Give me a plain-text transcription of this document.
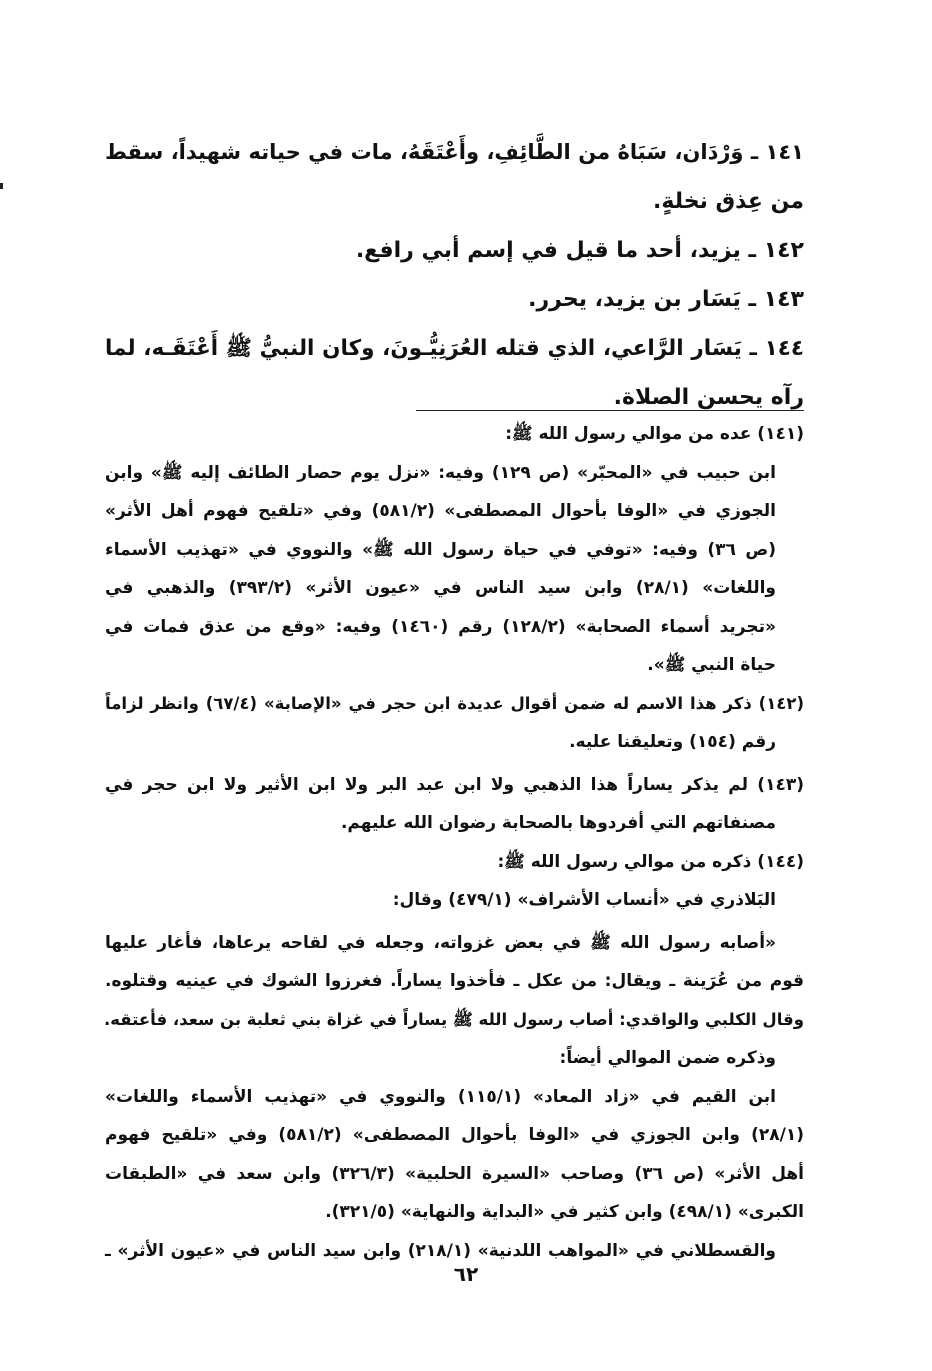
١٤١ ـ وَرْدَان، سَبَاهُ من الطَّائِفِ، وأَعْتَقَهُ، مات في حياته شهيداً، سقط
من عِذق نخلةٍ.
١٤٢ ـ يزيد، أحد ما قيل في إسم أبي رافع.
١٤٣ ـ يَسَار بن يزيد، يحرر.
١٤٤ ـ يَسَار الرَّاعي، الذي قتله العُرَنِيُّـونَ، وكان النبيُّ ﷺ أَعْتَقَـه، لما
رآه يحسن الصلاة.
(١٤١) عده من موالي رسول الله ﷺ:
ابن حبيب في «المحبّر» (ص ١٢٩) وفيه: «نزل يوم حصار الطائف إليه ﷺ» وابن
الجوزي في «الوفا بأحوال المصطفى» (٥٨١/٢) وفي «تلقيح فهوم أهل الأثر»
(ص ٣٦) وفيه: «توفي في حياة رسول الله ﷺ» والنووي في «تهذيب الأسماء
واللغات» (٢٨/١) وابن سيد الناس في «عيون الأثر» (٣٩٣/٢) والذهبي في
«تجريد أسماء الصحابة» (١٢٨/٢) رقم (١٤٦٠) وفيه: «وقع من عذق فمات في
حياة النبي ﷺ».
(١٤٢) ذكر هذا الاسم له ضمن أقوال عديدة ابن حجر في «الإصابة» (٦٧/٤) وانظر لزاماً
رقم (١٥٤) وتعليقنا عليه.
(١٤٣) لم يذكر يساراً هذا الذهبي ولا ابن عبد البر ولا ابن الأثير ولا ابن حجر في
مصنفاتهم التي أفردوها بالصحابة رضوان الله عليهم.
(١٤٤) ذكره من موالي رسول الله ﷺ:
البَلاذري في «أنساب الأشراف» (٤٧٩/١) وقال:
«أصابه رسول الله ﷺ في بعض غزواته، وجعله في لقاحه يرعاها، فأغار عليها
قوم من عُرَينة ـ ويقال: من عكل ـ فأخذوا يساراً. فغرزوا الشوك في عينيه وقتلوه.
وقال الكلبي والواقدي: أصاب رسول الله ﷺ يساراً في غزاة بني ثعلبة بن سعد، فأعتقه.
وذكره ضمن الموالي أيضاً:
ابن القيم في «زاد المعاد» (١١٥/١) والنووي في «تهذيب الأسماء واللغات»
(٢٨/١) وابن الجوزي في «الوفا بأحوال المصطفى» (٥٨١/٢) وفي «تلقيح فهوم
أهل الأثر» (ص ٣٦) وصاحب «السيرة الحلبية» (٣٢٦/٣) وابن سعد في «الطبقات
الكبرى» (٤٩٨/١) وابن كثير في «البداية والنهاية» (٣٢١/٥).
والقسطلاني في «المواهب اللدنية» (٢١٨/١) وابن سيد الناس في «عيون الأثر» ـ
٦٢
